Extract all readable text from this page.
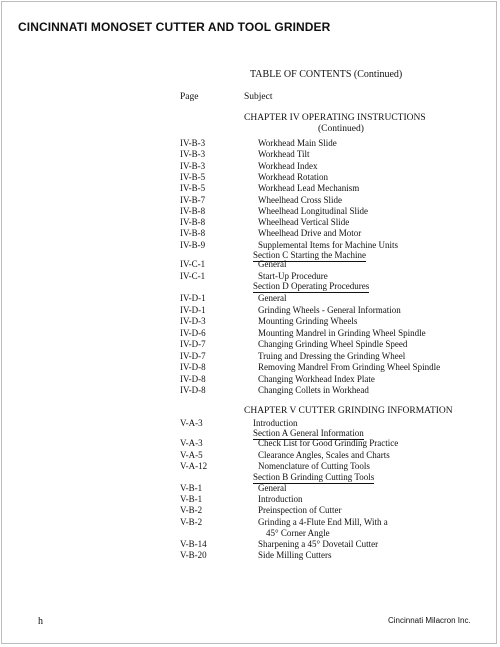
CINCINNATI MONOSET CUTTER AND TOOL GRINDER
TABLE OF CONTENTS (Continued)
Page	Subject
CHAPTER IV OPERATING INSTRUCTIONS
(Continued)
IV-B-3	Workhead Main Slide
IV-B-3	Workhead Tilt
IV-B-3	Workhead Index
IV-B-5	Workhead Rotation
IV-B-5	Workhead Lead Mechanism
IV-B-7	Wheelhead Cross Slide
IV-B-8	Wheelhead Longitudinal Slide
IV-B-8	Wheelhead Vertical Slide
IV-B-8	Wheelhead Drive and Motor
IV-B-9	Supplemental Items for Machine Units
Section C Starting the Machine
IV-C-1	General
IV-C-1	Start-Up Procedure
Section D Operating Procedures
IV-D-1	General
IV-D-1	Grinding Wheels - General Information
IV-D-3	Mounting Grinding Wheels
IV-D-6	Mounting Mandrel in Grinding Wheel Spindle
IV-D-7	Changing Grinding Wheel Spindle Speed
IV-D-7	Truing and Dressing the Grinding Wheel
IV-D-8	Removing Mandrel From Grinding Wheel Spindle
IV-D-8	Changing Workhead Index Plate
IV-D-8	Changing Collets in Workhead
CHAPTER V CUTTER GRINDING INFORMATION
V-A-3	Introduction
Section A General Information
V-A-3	Check List for Good Grinding Practice
V-A-5	Clearance Angles, Scales and Charts
V-A-12	Nomenclature of Cutting Tools
Section B Grinding Cutting Tools
V-B-1	General
V-B-1	Introduction
V-B-2	Preinspection of Cutter
V-B-2	Grinding a 4-Flute End Mill, With a
45° Corner Angle
V-B-14	Sharpening a 45° Dovetail Cutter
V-B-20	Side Milling Cutters
h	Cincinnati Milacron Inc.
